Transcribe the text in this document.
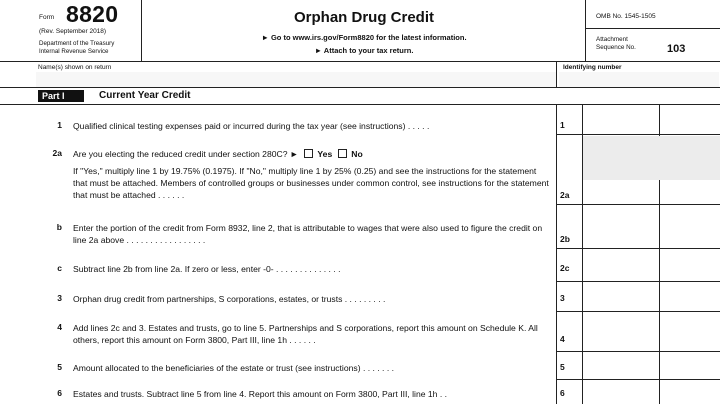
Form 8820
(Rev. September 2018)
Department of the Treasury
Internal Revenue Service
Orphan Drug Credit
► Go to www.irs.gov/Form8820 for the latest information.
► Attach to your tax return.
OMB No. 1545-1505
Attachment
Sequence No.	103
Name(s) shown on return	Identifying number
Part I	Current Year Credit
1 Qualified clinical testing expenses paid or incurred during the tax year (see instructions) . . . . .	1
2a Are you electing the reduced credit under section 280C? ► Yes No
If "Yes," multiply line 1 by 19.75% (0.1975). If "No," multiply line 1 by 25% (0.25) and see the instructions for the statement that must be attached. Members of controlled groups or businesses under common control, see instructions for the statement that must be attached . . . . . .	2a
b Enter the portion of the credit from Form 8932, line 2, that is attributable to wages that were also used to figure the credit on line 2a above . . . . . . . . . . . . . . . . .	2b
c Subtract line 2b from line 2a. If zero or less, enter -0- . . . . . . . . . . . . . .	2c
3 Orphan drug credit from partnerships, S corporations, estates, or trusts . . . . . . . . .	3
4 Add lines 2c and 3. Estates and trusts, go to line 5. Partnerships and S corporations, report this amount on Schedule K. All others, report this amount on Form 3800, Part III, line 1h . . . . . .	4
5 Amount allocated to the beneficiaries of the estate or trust (see instructions) . . . . . . .	5
6 Estates and trusts. Subtract line 5 from line 4. Report this amount on Form 3800, Part III, line 1h . .	6
